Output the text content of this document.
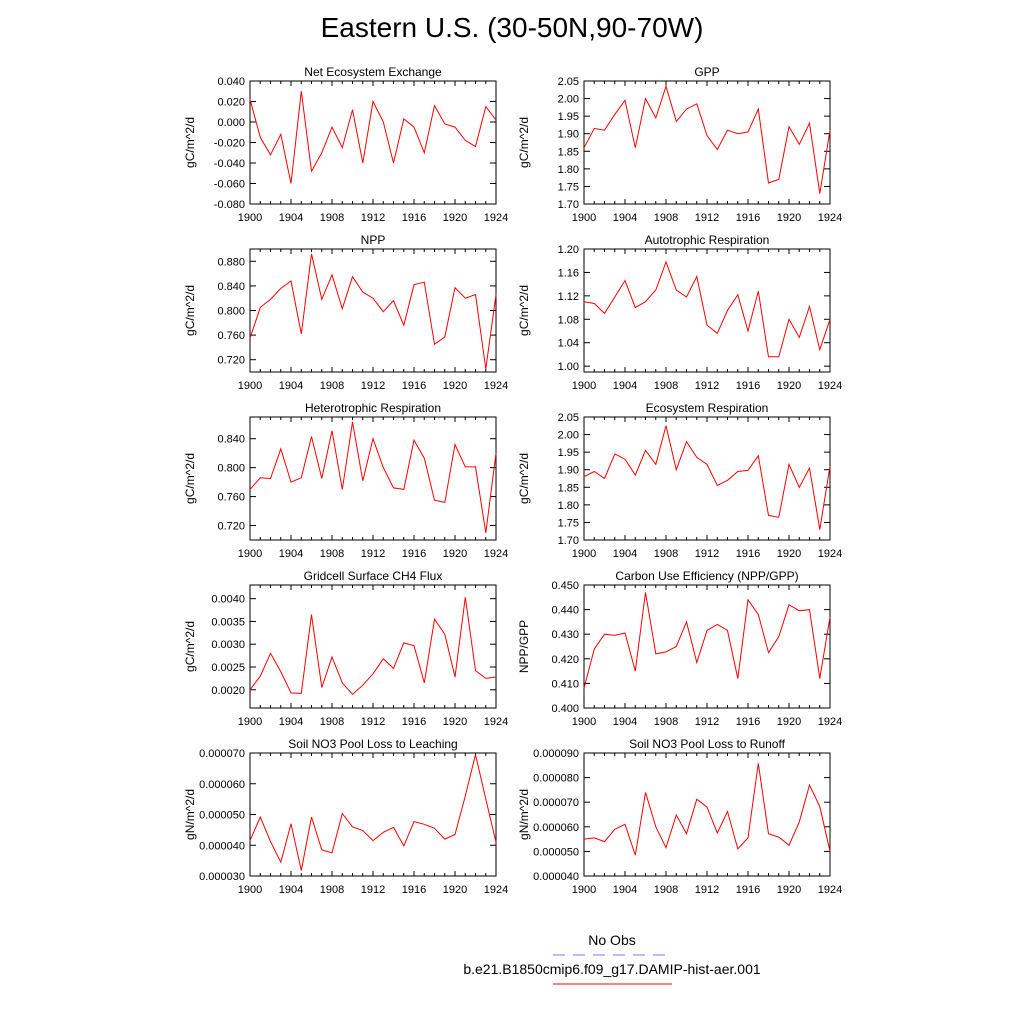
Eastern U.S. (30-50N,90-70W)
Net Ecosystem Exchange
1900 1904 1908 1912 1916 1920 1924
-0.080
-0.060
-0.040
-0.020
0.000
0.020
0.040
gC/m^2/d
GPP
1900 1904 1908 1912 1916 1920 1924
1.70
1.75
1.80
1.85
1.90
1.95
2.00
2.05
gC/m^2/d
NPP
1900 1904 1908 1912 1916 1920 1924
0.720
0.760
0.800
0.840
0.880
gC/m^2/d
Autotrophic Respiration
1900 1904 1908 1912 1916 1920 1924
1.00
1.04
1.08
1.12
1.16
1.20
gC/m^2/d
Heterotrophic Respiration
1900 1904 1908 1912 1916 1920 1924
0.720
0.760
0.800
0.840
gC/m^2/d
Ecosystem Respiration
1900 1904 1908 1912 1916 1920 1924
1.70
1.75
1.80
1.85
1.90
1.95
2.00
2.05
gC/m^2/d
Gridcell Surface CH4 Flux
1900 1904 1908 1912 1916 1920 1924
0.0020
0.0025
0.0030
0.0035
0.0040
gC/m^2/d
Carbon Use Efficiency (NPP/GPP)
1900 1904 1908 1912 1916 1920 1924
0.400
0.410
0.420
0.430
0.440
0.450
NPP/GPP
Soil NO3 Pool Loss to Leaching
1900 1904 1908 1912 1916 1920 1924
0.000030
0.000040
0.000050
0.000060
0.000070
gN/m^2/d
Soil NO3 Pool Loss to Runoff
1900 1904 1908 1912 1916 1920 1924
0.000040
0.000050
0.000060
0.000070
0.000080
0.000090
gN/m^2/d
No Obs
b.e21.B1850cmip6.f09_g17.DAMIP-hist-aer.001
